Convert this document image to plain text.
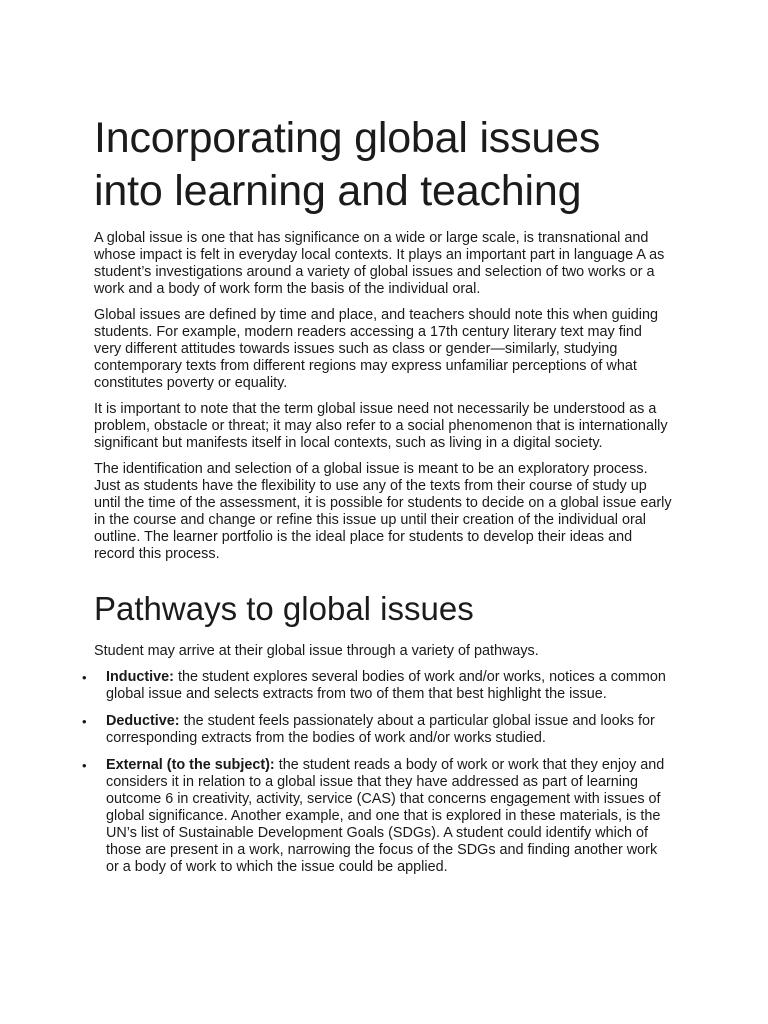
Incorporating global issues into learning and teaching

A global issue is one that has significance on a wide or large scale, is transnational and whose impact is felt in everyday local contexts. It plays an important part in language A as student’s investigations around a variety of global issues and selection of two works or a work and a body of work form the basis of the individual oral.

Global issues are defined by time and place, and teachers should note this when guiding students. For example, modern readers accessing a 17th century literary text may find very different attitudes towards issues such as class or gender—similarly, studying contemporary texts from different regions may express unfamiliar perceptions of what constitutes poverty or equality.

It is important to note that the term global issue need not necessarily be understood as a problem, obstacle or threat; it may also refer to a social phenomenon that is internationally significant but manifests itself in local contexts, such as living in a digital society.

The identification and selection of a global issue is meant to be an exploratory process. Just as students have the flexibility to use any of the texts from their course of study up until the time of the assessment, it is possible for students to decide on a global issue early in the course and change or refine this issue up until their creation of the individual oral outline. The learner portfolio is the ideal place for students to develop their ideas and record this process.

Pathways to global issues

Student may arrive at their global issue through a variety of pathways.

• Inductive: the student explores several bodies of work and/or works, notices a common global issue and selects extracts from two of them that best highlight the issue.
• Deductive: the student feels passionately about a particular global issue and looks for corresponding extracts from the bodies of work and/or works studied.
• External (to the subject): the student reads a body of work or work that they enjoy and considers it in relation to a global issue that they have addressed as part of learning outcome 6 in creativity, activity, service (CAS) that concerns engagement with issues of global significance. Another example, and one that is explored in these materials, is the UN’s list of Sustainable Development Goals (SDGs). A student could identify which of those are present in a work, narrowing the focus of the SDGs and finding another work or a body of work to which the issue could be applied.
